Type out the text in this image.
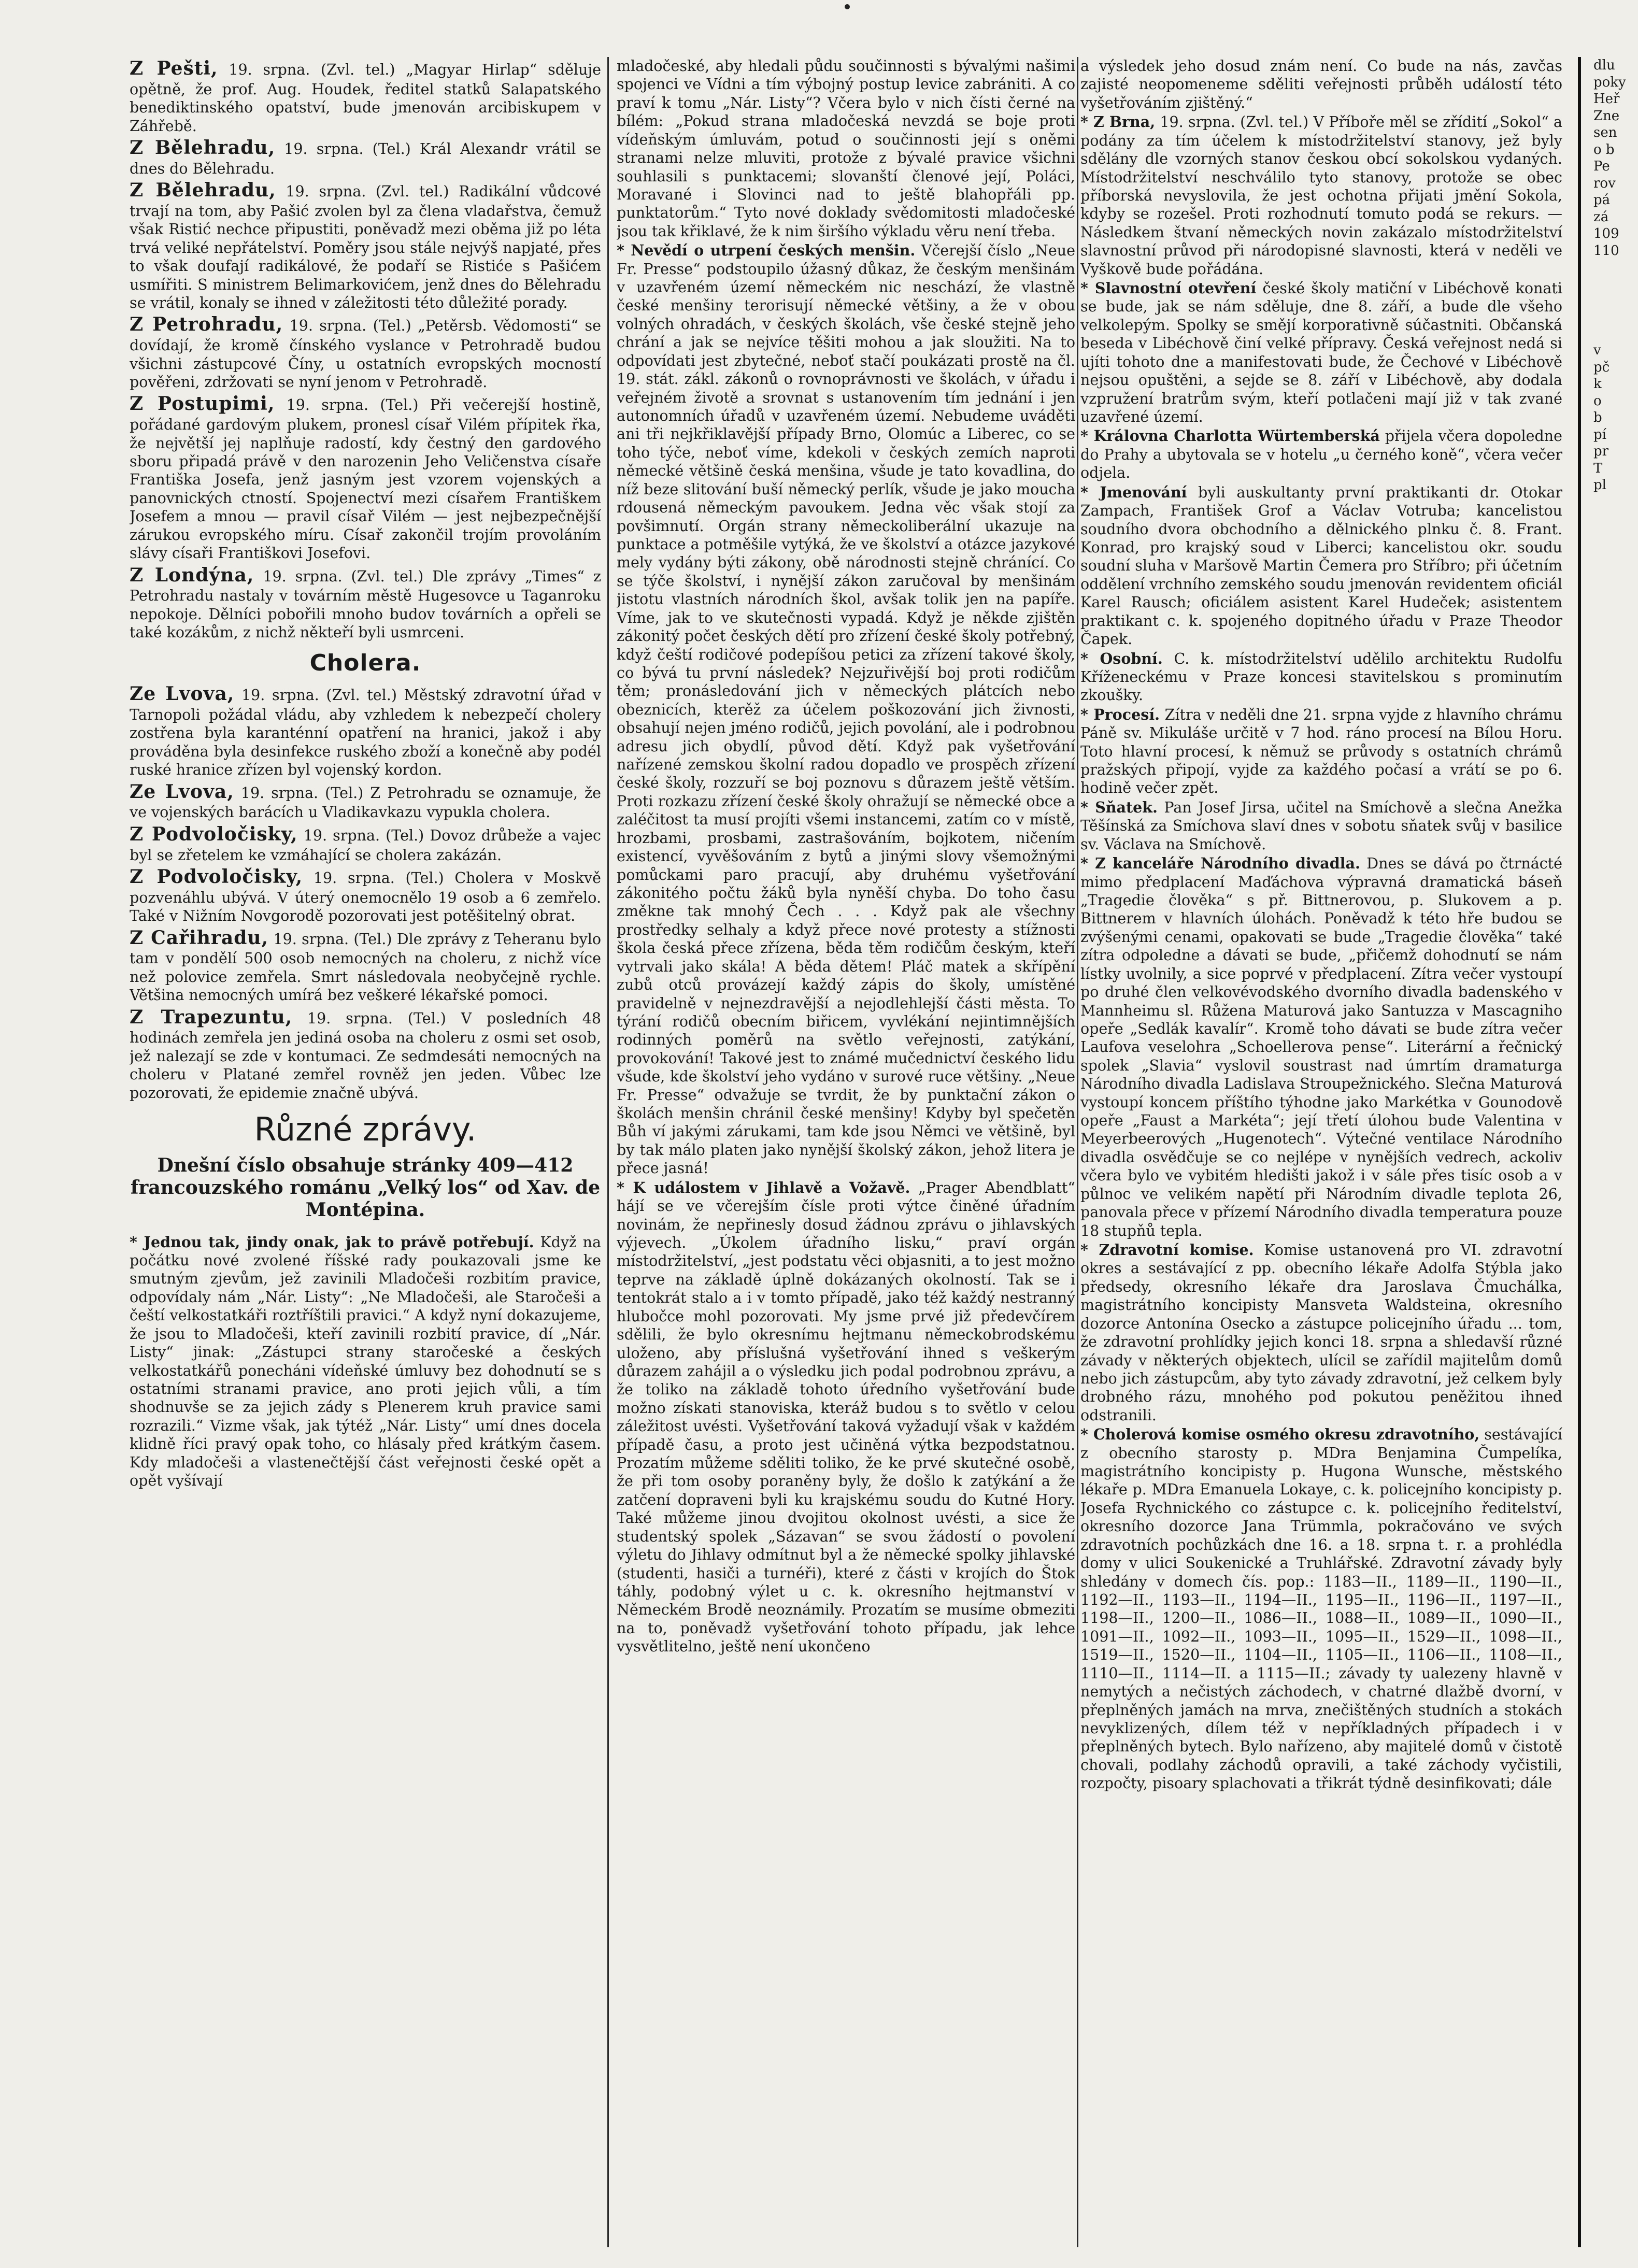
Z Pešti, 19. srpna. (Zvl. tel.) „Magyar Hirlap“ sděluje opětně, že prof. Aug. Houdek, ředitel statků Salapatského benediktinského opatství, bude jmenován arcibiskupem v Záhřebě.

Z Bělehradu, 19. srpna. (Tel.) Král Alexandr vrátil se dnes do Bělehradu.

Z Bělehradu, 19. srpna. (Zvl. tel.) Radikální vůdcové trvají na tom, aby Pašić zvolen byl za člena vladařstva, čemuž však Ristić nechce připustiti, poněvadž mezi oběma již po léta trvá veliké nepřátelství. Poměry jsou stále nejvýš napjaté, přes to však doufají radikálové, že podaří se Ristiće s Pašićem usmířiti. S ministrem Belimarkovićem, jenž dnes do Bělehradu se vrátil, konaly se ihned v záležitosti této důležité porady.

Z Petrohradu, 19. srpna. (Tel.) „Petěrsb. Vědomosti“ se dovídají, že kromě čínského vyslance v Petrohradě budou všichni zástupcové Číny, u ostatních evropských mocností pověřeni, zdržovati se nyní jenom v Petrohradě.

Z Postupimi, 19. srpna. (Tel.) Při večerejší hostině, pořádané gardovým plukem, pronesl císař Vilém přípitek řka, že největší jej naplňuje radostí, kdy čestný den gardového sboru připadá právě v den narozenin Jeho Veličenstva císaře Františka Josefa, jenž jasným jest vzorem vojenských a panovnických ctností. Spojenectví mezi císařem Františkem Josefem a mnou — pravil císař Vilém — jest nejbezpečnější zárukou evropského míru. Císař zakončil trojím provoláním slávy císaři Františkovi Josefovi.

Z Londýna, 19. srpna. (Zvl. tel.) Dle zprávy „Times“ z Petrohradu nastaly v továrním městě Hugesovce u Taganroku nepokoje. Dělníci pobořili mnoho budov továrních a opřeli se také kozákům, z nichž někteří byli usmrceni.

Cholera.

Ze Lvova, 19. srpna. (Zvl. tel.) Městský zdravotní úřad v Tarnopoli požádal vládu, aby vzhledem k nebezpečí cholery zostřena byla karanténní opatření na hranici, jakož i aby prováděna byla desinfekce ruského zboží a konečně aby podél ruské hranice zřízen byl vojenský kordon.

Ze Lvova, 19. srpna. (Tel.) Z Petrohradu se oznamuje, že ve vojenských barácích u Vladikavkazu vypukla cholera.

Z Podvoločisky, 19. srpna. (Tel.) Dovoz drůbeže a vajec byl se zřetelem ke vzmáhající se cholera zakázán.

Z Podvoločisky, 19. srpna. (Tel.) Cholera v Moskvě pozvenáhlu ubývá. V úterý onemocnělo 19 osob a 6 zemřelo. Také v Nižním Novgorodě pozorovati jest potěšitelný obrat.

Z Cařihradu, 19. srpna. (Tel.) Dle zprávy z Teheranu bylo tam v pondělí 500 osob nemocných na choleru, z nichž více než polovice zemřela. Smrt následovala neobyčejně rychle. Většina nemocných umírá bez veškeré lékařské pomoci.

Z Trapezuntu, 19. srpna. (Tel.) V posledních 48 hodinách zemřela jen jediná osoba na choleru z osmi set osob, jež nalezají se zde v kontumaci. Ze sedmdesáti nemocných na choleru v Platané zemřel rovněž jen jeden. Vůbec lze pozorovati, že epidemie značně ubývá.

Různé zprávy.
Dnešní číslo obsahuje stránky 409—412 francouzského románu „Velký los“ od Xav. de Montépina.

* Jednou tak, jindy onak, jak to právě potřebují. Když na počátku nové zvolené říšské rady poukazovali jsme ke smutným zjevům, jež zavinili Mladočeši rozbitím pravice, odpovídaly nám „Nár. Listy“: „Ne Mladočeši, ale Staročeši a čeští velkostatkáři roztříštili pravici.“ A když nyní dokazujeme, že jsou to Mladočeši, kteří zavinili rozbití pravice, dí „Nár. Listy“ jinak: „Zástupci strany staročeské a českých velkostatkářů ponecháni vídeňské úmluvy bez dohodnutí se s ostatními stranami pravice, ano proti jejich vůli, a tím shodnuvše se za jejich zády s Plenerem kruh pravice sami rozrazili.“ Vizme však, jak týtéž „Nár. Listy“ umí dnes docela klidně říci pravý opak toho, co hlásaly před krátkým časem. Kdy mladočeši a vlastenečtější část veřejnosti české opět a opět vyšívají

mladočeské, aby hledali půdu součinnosti s bývalými našimi spojenci ve Vídni a tím výbojný postup levice zabrániti. A co praví k tomu „Nár. Listy“? Včera bylo v nich čísti černé na bílém: „Pokud strana mladočeská nevzdá se boje proti vídeňským úmluvám, potud o součinnosti její s oněmi stranami nelze mluviti, protože z bývalé pravice všichni souhlasili s punktacemi; slovanští členové její, Poláci, Moravané i Slovinci nad to ještě blahopřáli pp. punktatorům.“ Tyto nové doklady svědomitosti mladočeské jsou tak křiklavé, že k nim širšího výkladu věru není třeba.

* Nevědí o utrpení českých menšin. Včerejší číslo „Neue Fr. Presse“ podstoupilo úžasný důkaz, že českým menšinám v uzavřeném území německém nic neschází, že vlastně české menšiny terorisují německé většiny, a že v obou volných ohradách, v českých školách, vše české stejně jeho chrání a jak se nejvíce těšiti mohou a jak sloužiti. Na to odpovídati jest zbytečné, neboť stačí poukázati prostě na čl. 19. stát. zákl. zákonů o rovnoprávnosti ve školách, v úřadu i veřejném životě a srovnat s ustanovením tím jednání i jen autonomních úřadů v uzavřeném území. Nebudeme uváděti ani tři nejkřiklavější případy Brno, Olomúc a Liberec, co se toho týče, neboť víme, kdekoli v českých zemích naproti německé většině česká menšina, všude je tato kovadlina, do níž beze slitování buší německý perlík, všude je jako moucha rdousená německým pavoukem. Jedna věc však stojí za povšimnutí. Orgán strany německoliberální ukazuje na punktace a potměšile vytýká, že ve školství a otázce jazykové mely vydány býti zákony, obě národnosti stejně chránící. Co se týče školství, i nynější zákon zaručoval by menšinám jistotu vlastních národních škol, avšak tolik jen na papíře. Víme, jak to ve skutečnosti vypadá. Když je někde zjištěn zákonitý počet českých dětí pro zřízení české školy potřebný, když čeští rodičové podepíšou petici za zřízení takové školy, co bývá tu první následek? Nejzuřivější boj proti rodičům těm; pronásledování jich v německých plátcích nebo obeznicích, kterěž za účelem poškozování jich živnosti, obsahují nejen jméno rodičů, jejich povolání, ale i podrobnou adresu jich obydlí, původ dětí. Když pak vyšetřování nařízené zemskou školní radou dopadlo ve prospěch zřízení české školy, rozzuří se boj poznovu s důrazem ještě větším. Proti rozkazu zřízení české školy ohražují se německé obce a zaléčitost ta musí projíti všemi instancemi, zatím co v místě, hrozbami, prosbami, zastrašováním, bojkotem, ničením existencí, vyvěšováním z bytů a jinými slovy všemožnými pomůckami paro pracují, aby druhému vyšetřování zákonitého počtu žáků byla nyněší chyba. Do toho času změkne tak mnohý Čech . . . Když pak ale všechny prostředky selhaly a když přece nové protesty a stížnosti škola česká přece zřízena, běda těm rodičům českým, kteří vytrvali jako skála! A běda dětem! Pláč matek a skřípění zubů otců provázejí každý zápis do školy, umístěné pravidelně v nejnezdravější a nejodlehlejší části města. To týrání rodičů obecním biřicem, vyvlékání nejintimnějších rodinných poměrů na světlo veřejnosti, zatýkání, provokování! Takové jest to známé mučednictví českého lidu všude, kde školství jeho vydáno v surové ruce většiny. „Neue Fr. Presse“ odvažuje se tvrdit, že by punktační zákon o školách menšin chránil české menšiny! Kdyby byl spečetěn Bůh ví jakými zárukami, tam kde jsou Němci ve většině, byl by tak málo platen jako nynější školský zákon, jehož litera je přece jasná!

* K událostem v Jihlavě a Vožavě. „Prager Abendblatt“ hájí se ve včerejším čísle proti výtce činěné úřadním novinám, že nepřinesly dosud žádnou zprávu o jihlavských výjevech. „Úkolem úřadního lisku,“ praví orgán místodržitelství, „jest podstatu věci objasniti, a to jest možno teprve na základě úplně dokázaných okolností. Tak se i tentokrát stalo a i v tomto případě, jako též každý nestranný hlubočce mohl pozorovati. My jsme prvé již předevčírem sdělili, že bylo okresnímu hejtmanu německobrodskému uloženo, aby příslušná vyšetřování ihned s veškerým důrazem zahájil a o výsledku jich podal podrobnou zprávu, a že toliko na základě tohoto úředního vyšetřování bude možno získati stanoviska, kteráž budou s to světlo v celou záležitost uvésti. Vyšetřování taková vyžadují však v každém případě času, a proto jest učiněná výtka bezpodstatnou. Prozatím můžeme sděliti toliko, že ke prvé skutečné osobě, že při tom osoby poraněny byly, že došlo k zatýkání a že zatčení dopraveni byli ku krajskému soudu do Kutné Hory. Také můžeme jinou dvojitou okolnost uvésti, a sice že studentský spolek „Sázavan“ se svou žádostí o povolení výletu do Jihlavy odmítnut byl a že německé spolky jihlavské (studenti, hasiči a turnéři), které z části v krojích do Štok táhly, podobný výlet u c. k. okresního hejtmanství v Německém Brodě neoznámily. Prozatím se musíme obmeziti na to, poněvadž vyšetřování tohoto případu, jak lehce vysvětlitelno, ještě není ukončeno

a výsledek jeho dosud znám není. Co bude na nás, zavčas zajisté neopomeneme sděliti veřejnosti průběh událostí této vyšetřováním zjištěný.“

* Z Brna, 19. srpna. (Zvl. tel.) V Příboře měl se zřídití „Sokol“ a podány za tím účelem k místodržitelství stanovy, jež byly sdělány dle vzorných stanov českou obcí sokolskou vydaných. Místodržitelství neschválilo tyto stanovy, protože se obec příborská nevyslovila, že jest ochotna přijati jmění Sokola, kdyby se rozešel. Proti rozhodnutí tomuto podá se rekurs. — Následkem štvaní německých novin zakázalo místodržitelství slavnostní průvod při národopisné slavnosti, která v neděli ve Vyškově bude pořádána.

* Slavnostní otevření české školy matiční v Libéchově konati se bude, jak se nám sděluje, dne 8. září, a bude dle všeho velkolepým. Spolky se smějí korporativně súčastniti. Občanská beseda v Libéchově činí velké přípravy. Česká veřejnost nedá si ujíti tohoto dne a manifestovati bude, že Čechové v Libéchově nejsou opuštěni, a sejde se 8. září v Libéchově, aby dodala vzpružení bratrům svým, kteří potlačeni mají již v tak zvané uzavřené území.

* Královna Charlotta Würtemberská přijela včera dopoledne do Prahy a ubytovala se v hotelu „u černého koně“, včera večer odjela.

* Jmenování byli auskultanty první praktikanti dr. Otokar Zampach, František Grof a Václav Votruba; kancelistou soudního dvora obchodního a dělnického plnku č. 8. Frant. Konrad, pro krajský soud v Liberci; kancelistou okr. soudu soudní sluha v Maršově Martin Čemera pro Stříbro; při účetním oddělení vrchního zemského soudu jmenován revidentem oficiál Karel Rausch; oficiálem asistent Karel Hudeček; asistentem praktikant c. k. spojeného dopitného úřadu v Praze Theodor Čapek.

* Osobní. C. k. místodržitelství udělilo architektu Rudolfu Kříženeckému v Praze koncesi stavitelskou s prominutím zkoušky.

* Procesí. Zítra v neděli dne 21. srpna vyjde z hlavního chrámu Páně sv. Mikuláše určitě v 7 hod. ráno procesí na Bílou Horu. Toto hlavní procesí, k němuž se průvody s ostatních chrámů pražských připojí, vyjde za každého počasí a vrátí se po 6. hodině večer zpět.

* Sňatek. Pan Josef Jirsa, učitel na Smíchově a slečna Anežka Těšínská za Smíchova slaví dnes v sobotu sňatek svůj v basilice sv. Václava na Smíchově.

* Z kanceláře Národního divadla. Dnes se dává po čtrnácté mimo předplacení Maďáchova výpravná dramatická báseň „Tragedie člověka“ s př. Bittnerovou, p. Slukovem a p. Bittnerem v hlavních úlohách. Poněvadž k této hře budou se zvýšenými cenami, opakovati se bude „Tragedie člověka“ také zítra odpoledne a dávati se bude, „přičemž dohodnutí se nám lístky uvolnily, a sice poprvé v předplacení. Zítra večer vystoupí po druhé člen velkovévodského dvorního divadla badenského v Mannheimu sl. Růžena Maturová jako Santuzza v Mascagniho opeře „Sedlák kavalír“. Kromě toho dávati se bude zítra večer Laufova veselohra „Schoellerova pense“. Literární a řečnický spolek „Slavia“ vyslovil soustrast nad úmrtím dramaturga Národního divadla Ladislava Stroupežnického. Slečna Maturová vystoupí koncem příštího týhodne jako Markétka v Gounodově opeře „Faust a Markéta“; její třetí úlohou bude Valentina v Meyerbeerových „Hugenotech“. Výtečné ventilace Národního divadla osvědčuje se co nejlépe v nynějších vedrech, ackoliv včera bylo ve vybitém hledišti jakož i v sále přes tisíc osob a v půlnoc ve velikém napětí při Národním divadle teplota 26, panovala přece v přízemí Národního divadla temperatura pouze 18 stupňů tepla.

* Zdravotní komise. Komise ustanovená pro VI. zdravotní okres a sestávající z pp. obecního lékaře Adolfa Stýbla jako předsedy, okresního lékaře dra Jaroslava Čmuchálka, magistrátního koncipisty Mansveta Waldsteina, okresního dozorce Antonína Osecko a zástupce policejního úřadu ... tom, že zdravotní prohlídky jejich konci 18. srpna a shledavší různé závady v některých objektech, ulícil se zařídil majitelům domů nebo jich zástupcům, aby tyto závady zdravotní, jež celkem byly drobného rázu, mnohého pod pokutou peněžitou ihned odstranili.

* Cholerová komise osmého okresu zdravotního, sestávající z obecního starosty p. MDra Benjamina Čumpelíka, magistrátního koncipisty p. Hugona Wunsche, městského lékaře p. MDra Emanuela Lokaye, c. k. policejního koncipisty p. Josefa Rychnického co zástupce c. k. policejního ředitelství, okresního dozorce Jana Trümmla, pokračováno ve svých zdravotních pochůzkách dne 16. a 18. srpna t. r. a prohlédla domy v ulici Soukenické a Truhlářské. Zdravotní závady byly shledány v domech čís. pop.: 1183—II., 1189—II., 1190—II., 1192—II., 1193—II., 1194—II., 1195—II., 1196—II., 1197—II., 1198—II., 1200—II., 1086—II., 1088—II., 1089—II., 1090—II., 1091—II., 1092—II., 1093—II., 1095—II., 1529—II., 1098—II., 1519—II., 1520—II., 1104—II., 1105—II., 1106—II., 1108—II., 1110—II., 1114—II. a 1115—II.; závady ty ualezeny hlavně v nemytých a nečistých záchodech, v chatrné dlažbě dvorní, v přeplněných jamách na mrva, znečištěných studních a stokách nevyklizených, dílem též v nepříkladných případech i v přeplněných bytech. Bylo nařízeno, aby majitelé domů v čistotě chovali, podlahy záchodů opravili, a také záchody vyčistili, rozpočty, pisoary splachovati a třikrát týdně desinfikovati; dále

dlu
poky
Heř
Zne
sen
o b
Pe
rov
pá
zá
109
110
v
pč
k
o
b
pí
pr
T
pl
